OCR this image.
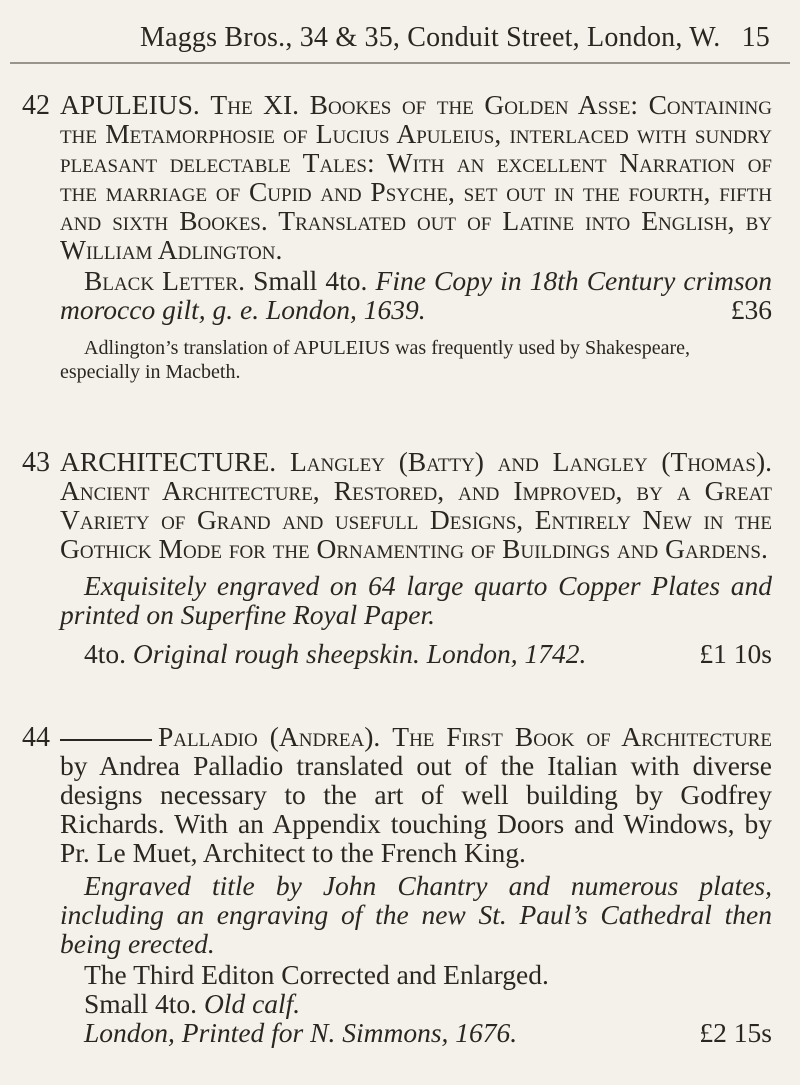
Maggs Bros., 34 & 35, Conduit Street, London, W. 15
42 APULEIUS. The XI. Bookes of the Golden Asse: Containing the Metamorphosie of Lucius Apuleius, interlaced with sundry pleasant delectable Tales: With an excellent Narration of the marriage of Cupid and Psyche, set out in the fourth, fifth and sixth Bookes. Translated out of Latine into English, by William Adlington.

Black Letter. Small 4to. Fine Copy in 18th Century crimson morocco gilt, g. e. London, 1639.	£36

Adlington’s translation of APULEIUS was frequently used by Shakespeare, especially in Macbeth.

43 ARCHITECTURE. Langley (Batty) and Langley (Thomas). Ancient Architecture, Restored, and Improved, by a Great Variety of Grand and usefull Designs, Entirely New in the Gothick Mode for the Ornamenting of Buildings and Gardens.

Exquisitely engraved on 64 large quarto Copper Plates and printed on Superfine Royal Paper.

4to. Original rough sheepskin. London, 1742.	£1 10s

44	Palladio (Andrea). The First Book of Architecture by Andrea Palladio translated out of the Italian with diverse designs necessary to the art of well building by Godfrey Richards. With an Appendix touching Doors and Windows, by Pr. Le Muet, Architect to the French King.

Engraved title by John Chantry and numerous plates, including an engraving of the new St. Paul’s Cathedral then being erected.

The Third Editon Corrected and Enlarged.

Small 4to. Old calf.

London, Printed for N. Simmons, 1676.	£2 15s
